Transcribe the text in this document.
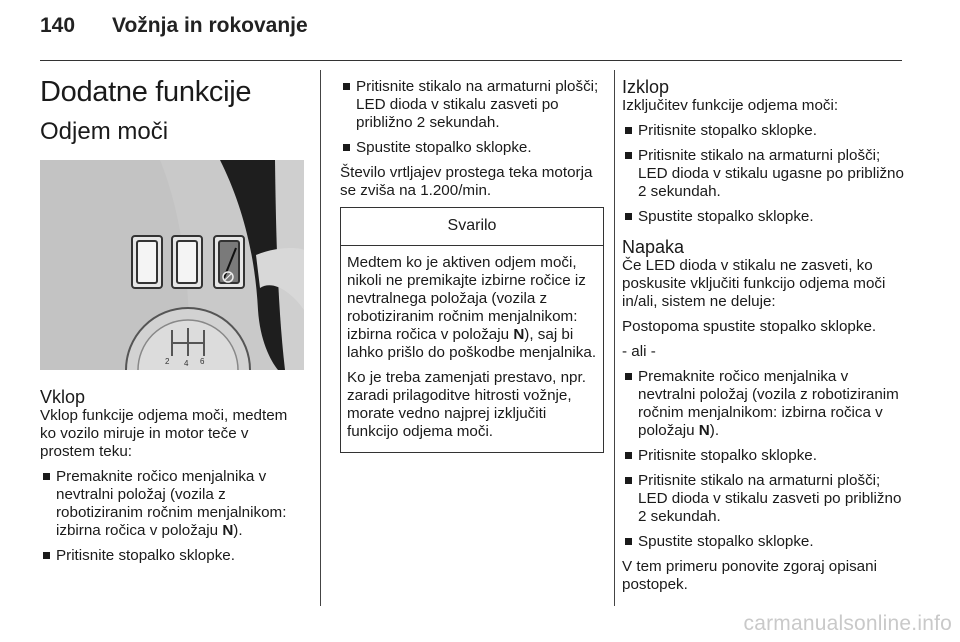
140 Vožnja in rokovanje
Dodatne funkcije
Odjem moči
2 4 6
Vklop

Vklop funkcije odjema moči, medtem ko vozilo miruje in motor teče v prostem teku:

Premaknite ročico menjalnika v nevtralni položaj (vozila z robotiziranim ročnim menjalnikom: izbirna ročica v položaju N).
Pritisnite stopalko sklopke.
Pritisnite stikalo na armaturni plošči; LED dioda v stikalu zasveti po približno 2 sekundah.
Spustite stopalko sklopke.

Število vrtljajev prostega teka motorja se zviša na 1.200/min.

Svarilo

Medtem ko je aktiven odjem moči, nikoli ne premikajte izbirne ročice iz nevtralnega položaja (vozila z robotiziranim ročnim menjalnikom: izbirna ročica v položaju N), saj bi lahko prišlo do poškodbe menjalnika.

Ko je treba zamenjati prestavo, npr. zaradi prilagoditve hitrosti vožnje, morate vedno najprej izključiti funkcijo odjema moči.

Izklop

Izključitev funkcije odjema moči:

Pritisnite stopalko sklopke.
Pritisnite stikalo na armaturni plošči; LED dioda v stikalu ugasne po približno 2 sekundah.
Spustite stopalko sklopke.
Napaka

Če LED dioda v stikalu ne zasveti, ko poskusite vključiti funkcijo odjema moči in/ali, sistem ne deluje:

Postopoma spustite stopalko sklopke.

- ali -

Premaknite ročico menjalnika v nevtralni položaj (vozila z robotiziranim ročnim menjalnikom: izbirna ročica v položaju N).
Pritisnite stopalko sklopke.
Pritisnite stikalo na armaturni plošči; LED dioda v stikalu zasveti po približno 2 sekundah.
Spustite stopalko sklopke.

V tem primeru ponovite zgoraj opisani postopek.

carmanualsonline.info
